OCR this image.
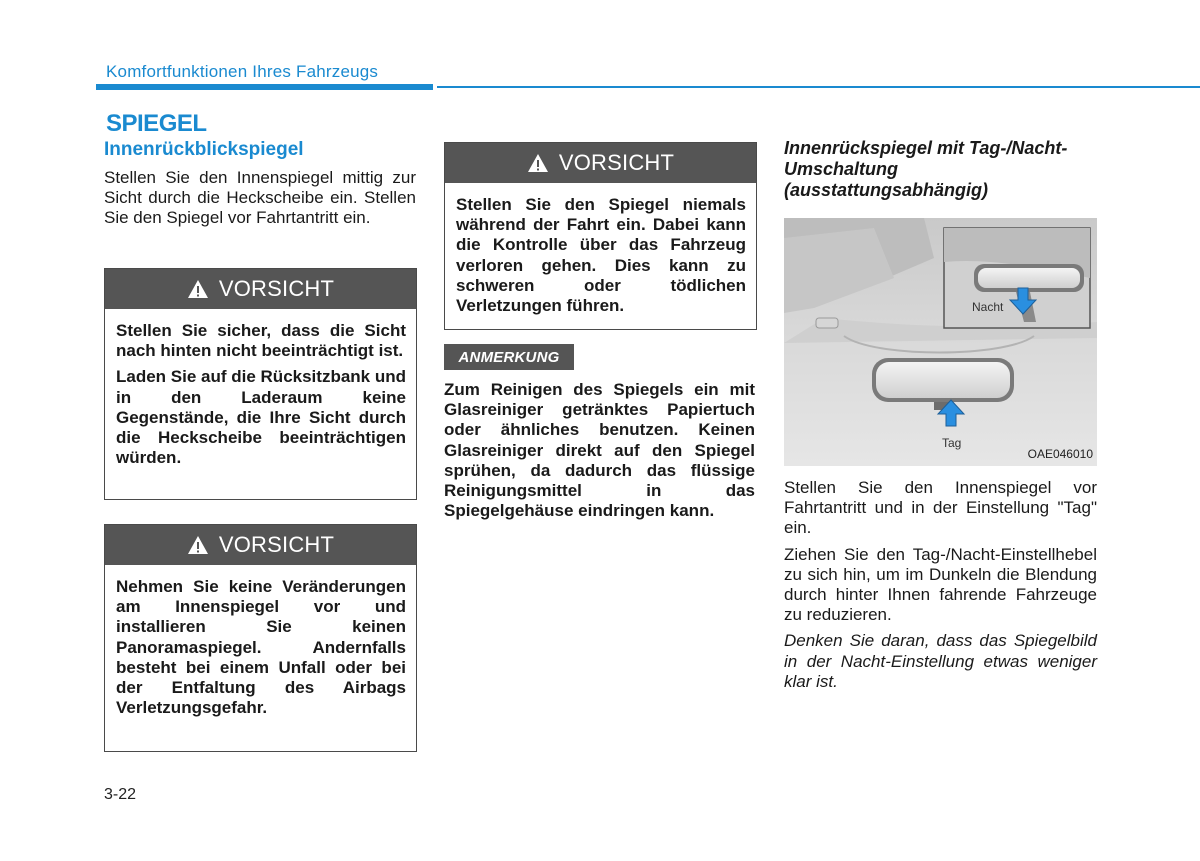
Komfortfunktionen Ihres Fahrzeugs
SPIEGEL
Innenrückblickspiegel

Stellen Sie den Innenspiegel mittig zur Sicht durch die Heckscheibe ein. Stellen Sie den Spiegel vor Fahrtantritt ein.

VORSICHT

Stellen Sie sicher, dass die Sicht nach hinten nicht beeinträchtigt ist.

Laden Sie auf die Rücksitzbank und in den Laderaum keine Gegenstände, die Ihre Sicht durch die Heckscheibe beeinträchtigen würden.

VORSICHT

Nehmen Sie keine Veränderungen am Innenspiegel vor und installieren Sie keinen Panoramaspiegel. Andernfalls besteht bei einem Unfall oder bei der Entfaltung des Airbags Verletzungsgefahr.

VORSICHT

Stellen Sie den Spiegel niemals während der Fahrt ein. Dabei kann die Kontrolle über das Fahrzeug verloren gehen. Dies kann zu schweren oder tödlichen Verletzungen führen.

ANMERKUNG

Zum Reinigen des Spiegels ein mit Glasreiniger getränktes Papiertuch oder ähnliches benutzen. Keinen Glasreiniger direkt auf den Spiegel sprühen, da dadurch das flüssige Reinigungsmittel in das Spiegelgehäuse eindringen kann.

Innenrückspiegel mit Tag-/Nacht-Umschaltung (ausstattungsabhängig)
Nacht
Tag
OAE046010

Stellen Sie den Innenspiegel vor Fahrtantritt und in der Einstellung "Tag" ein.

Ziehen Sie den Tag-/Nacht-Einstellhebel zu sich hin, um im Dunkeln die Blendung durch hinter Ihnen fahrende Fahrzeuge zu reduzieren.

Denken Sie daran, dass das Spiegelbild in der Nacht-Einstellung etwas weniger klar ist.

3-22
